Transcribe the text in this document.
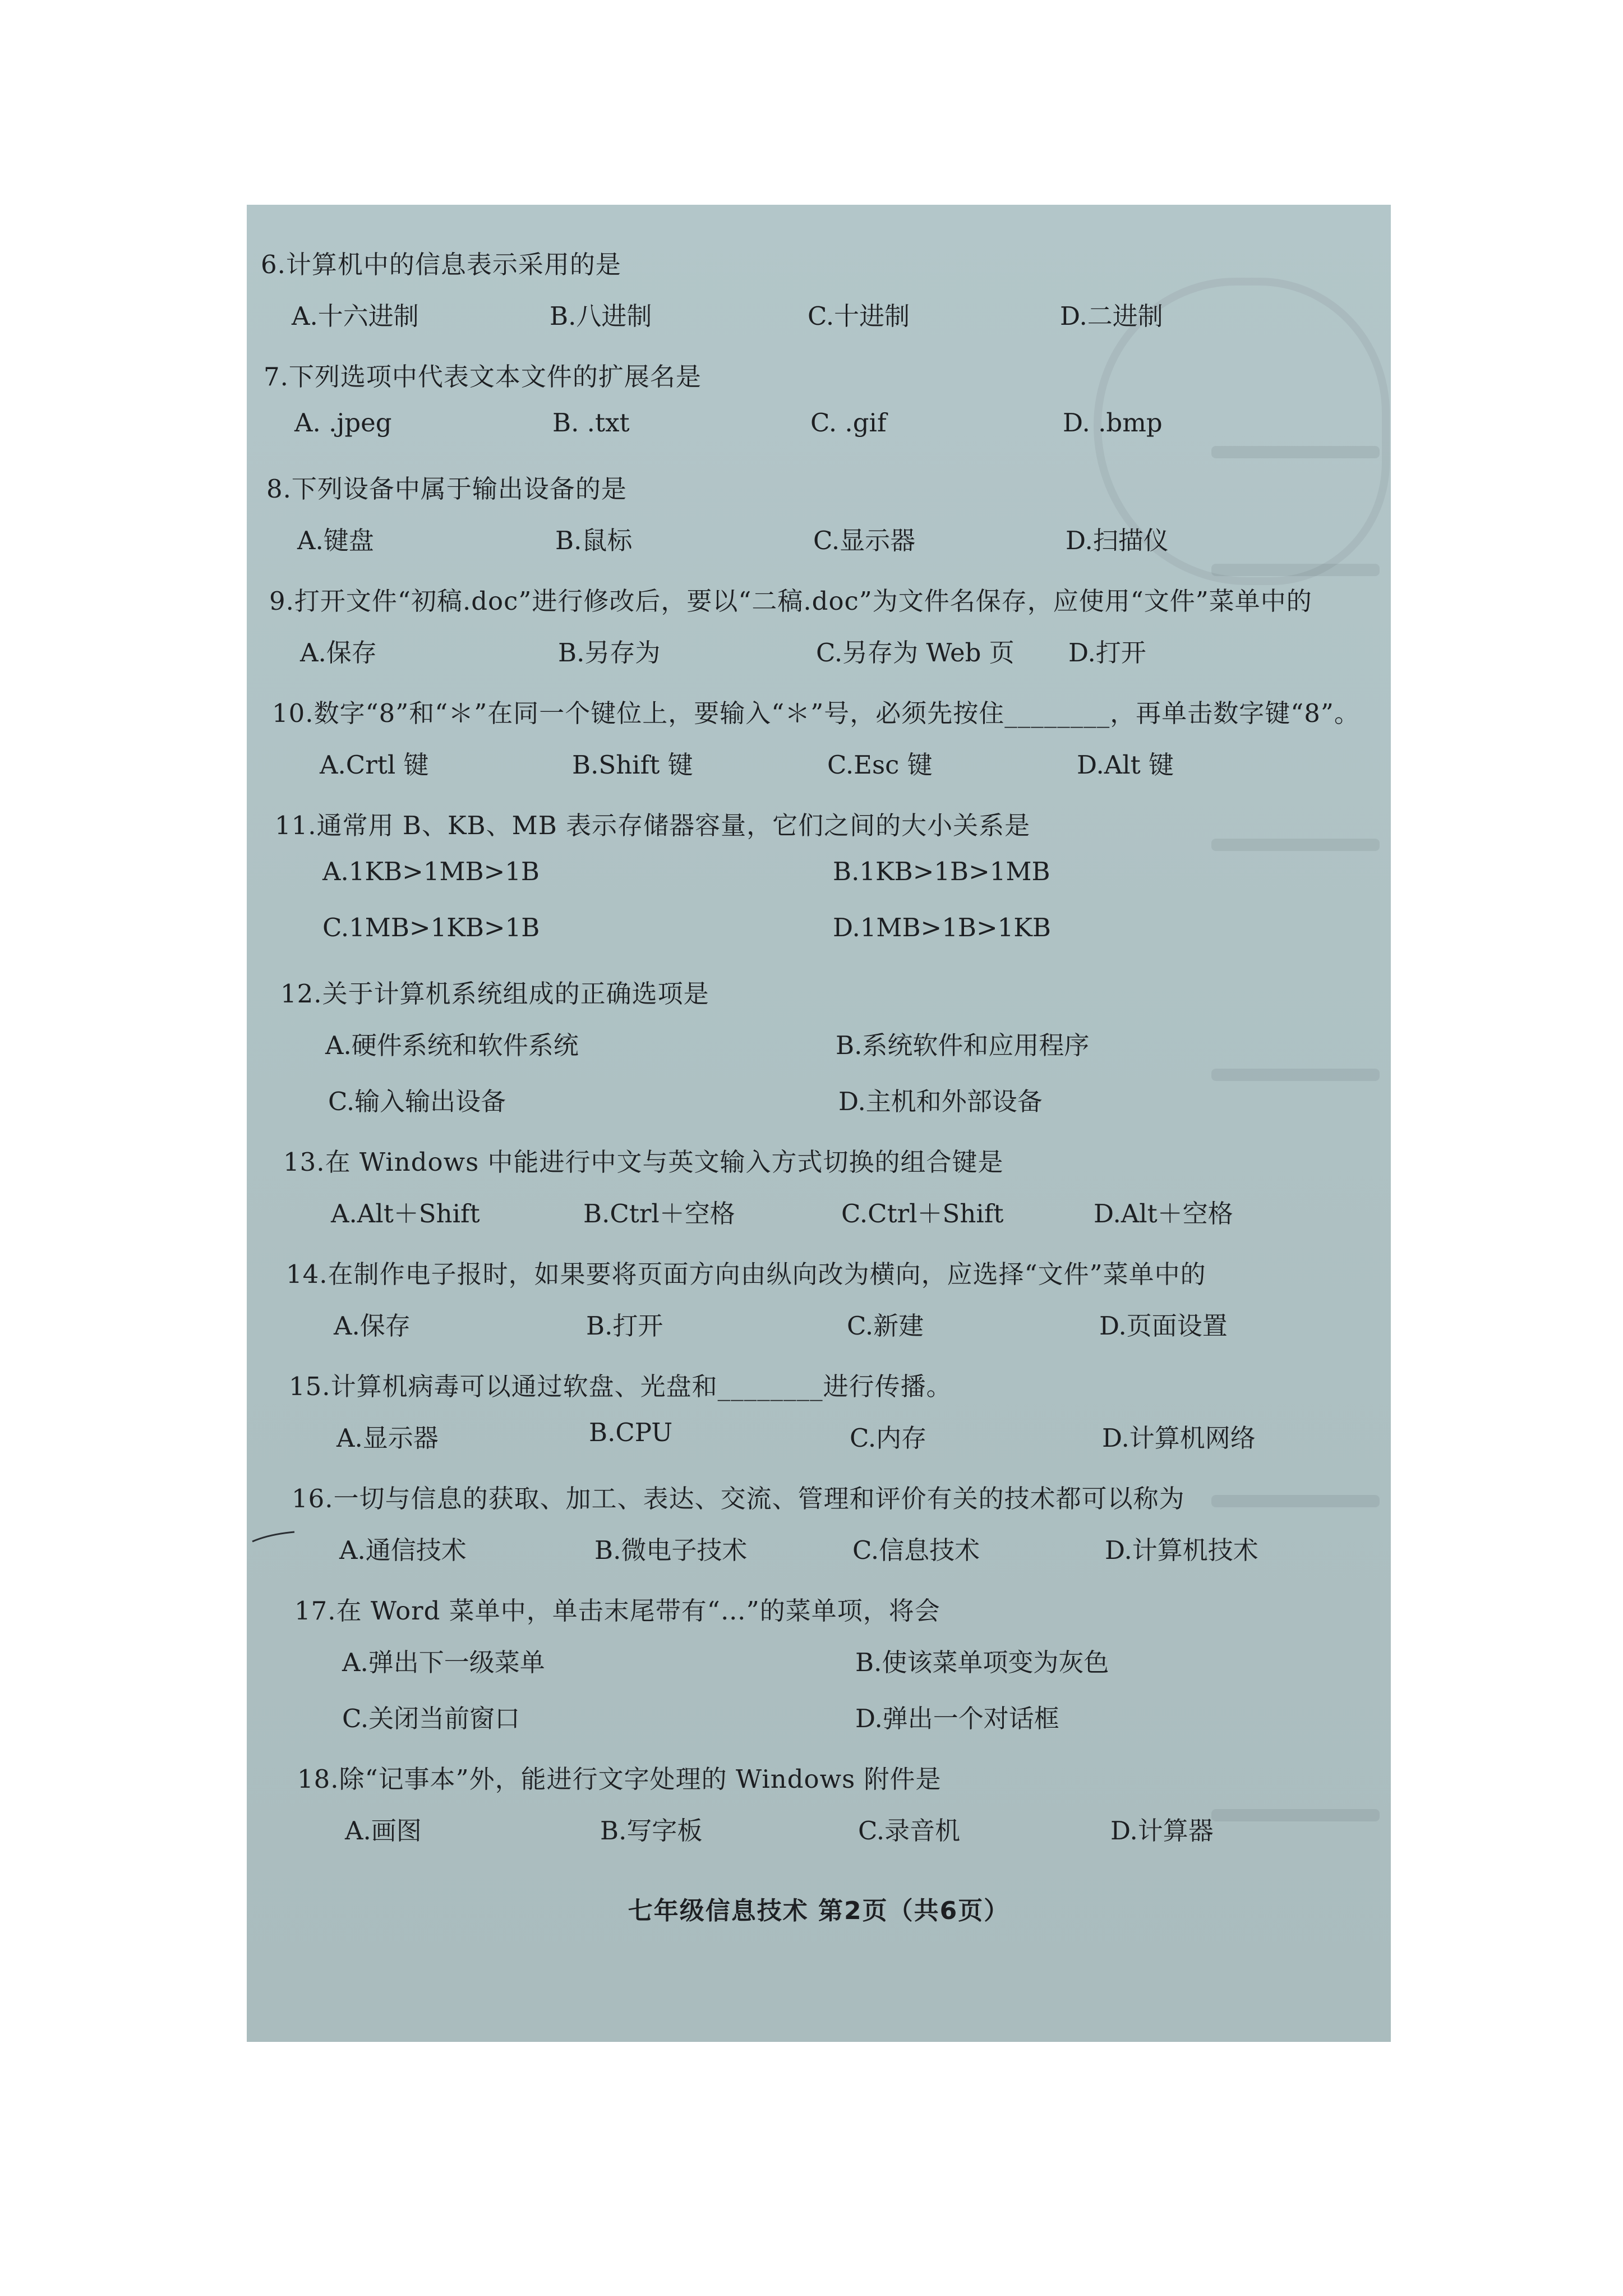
6.计算机中的信息表示采用的是
A.十六进制	B.八进制	C.十进制	D.二进制
7.下列选项中代表文本文件的扩展名是
A. .jpeg	B. .txt	C. .gif	D. .bmp
8.下列设备中属于输出设备的是
A.键盘	B.鼠标	C.显示器	D.扫描仪
9.打开文件“初稿.doc”进行修改后，要以“二稿.doc”为文件名保存，应使用“文件”菜单中的
A.保存	B.另存为	C.另存为 Web 页 D.打开
10.数字“8”和“＊”在同一个键位上，要输入“＊”号，必须先按住________，再单击数字键“8”。
A.Crtl 键	B.Shift 键	C.Esc 键	D.Alt 键
11.通常用 B、KB、MB 表示存储器容量，它们之间的大小关系是
A.1KB>1MB>1B	B.1KB>1B>1MB
C.1MB>1KB>1B	D.1MB>1B>1KB
12.关于计算机系统组成的正确选项是
A.硬件系统和软件系统	B.系统软件和应用程序
C.输入输出设备	D.主机和外部设备
13.在 Windows 中能进行中文与英文输入方式切换的组合键是
A.Alt＋Shift	B.Ctrl＋空格	C.Ctrl＋Shift	D.Alt＋空格
14.在制作电子报时，如果要将页面方向由纵向改为横向，应选择“文件”菜单中的
A.保存	B.打开	C.新建	D.页面设置
15.计算机病毒可以通过软盘、光盘和________进行传播。
A.显示器	B.CPU	C.内存	D.计算机网络
16.一切与信息的获取、加工、表达、交流、管理和评价有关的技术都可以称为
A.通信技术	B.微电子技术	C.信息技术	D.计算机技术
17.在 Word 菜单中，单击末尾带有“…”的菜单项，将会
A.弹出下一级菜单	B.使该菜单项变为灰色
C.关闭当前窗口	D.弹出一个对话框
18.除“记事本”外，能进行文字处理的 Windows 附件是
A.画图	B.写字板	C.录音机	D.计算器
七年级信息技术 第2页（共6页）
